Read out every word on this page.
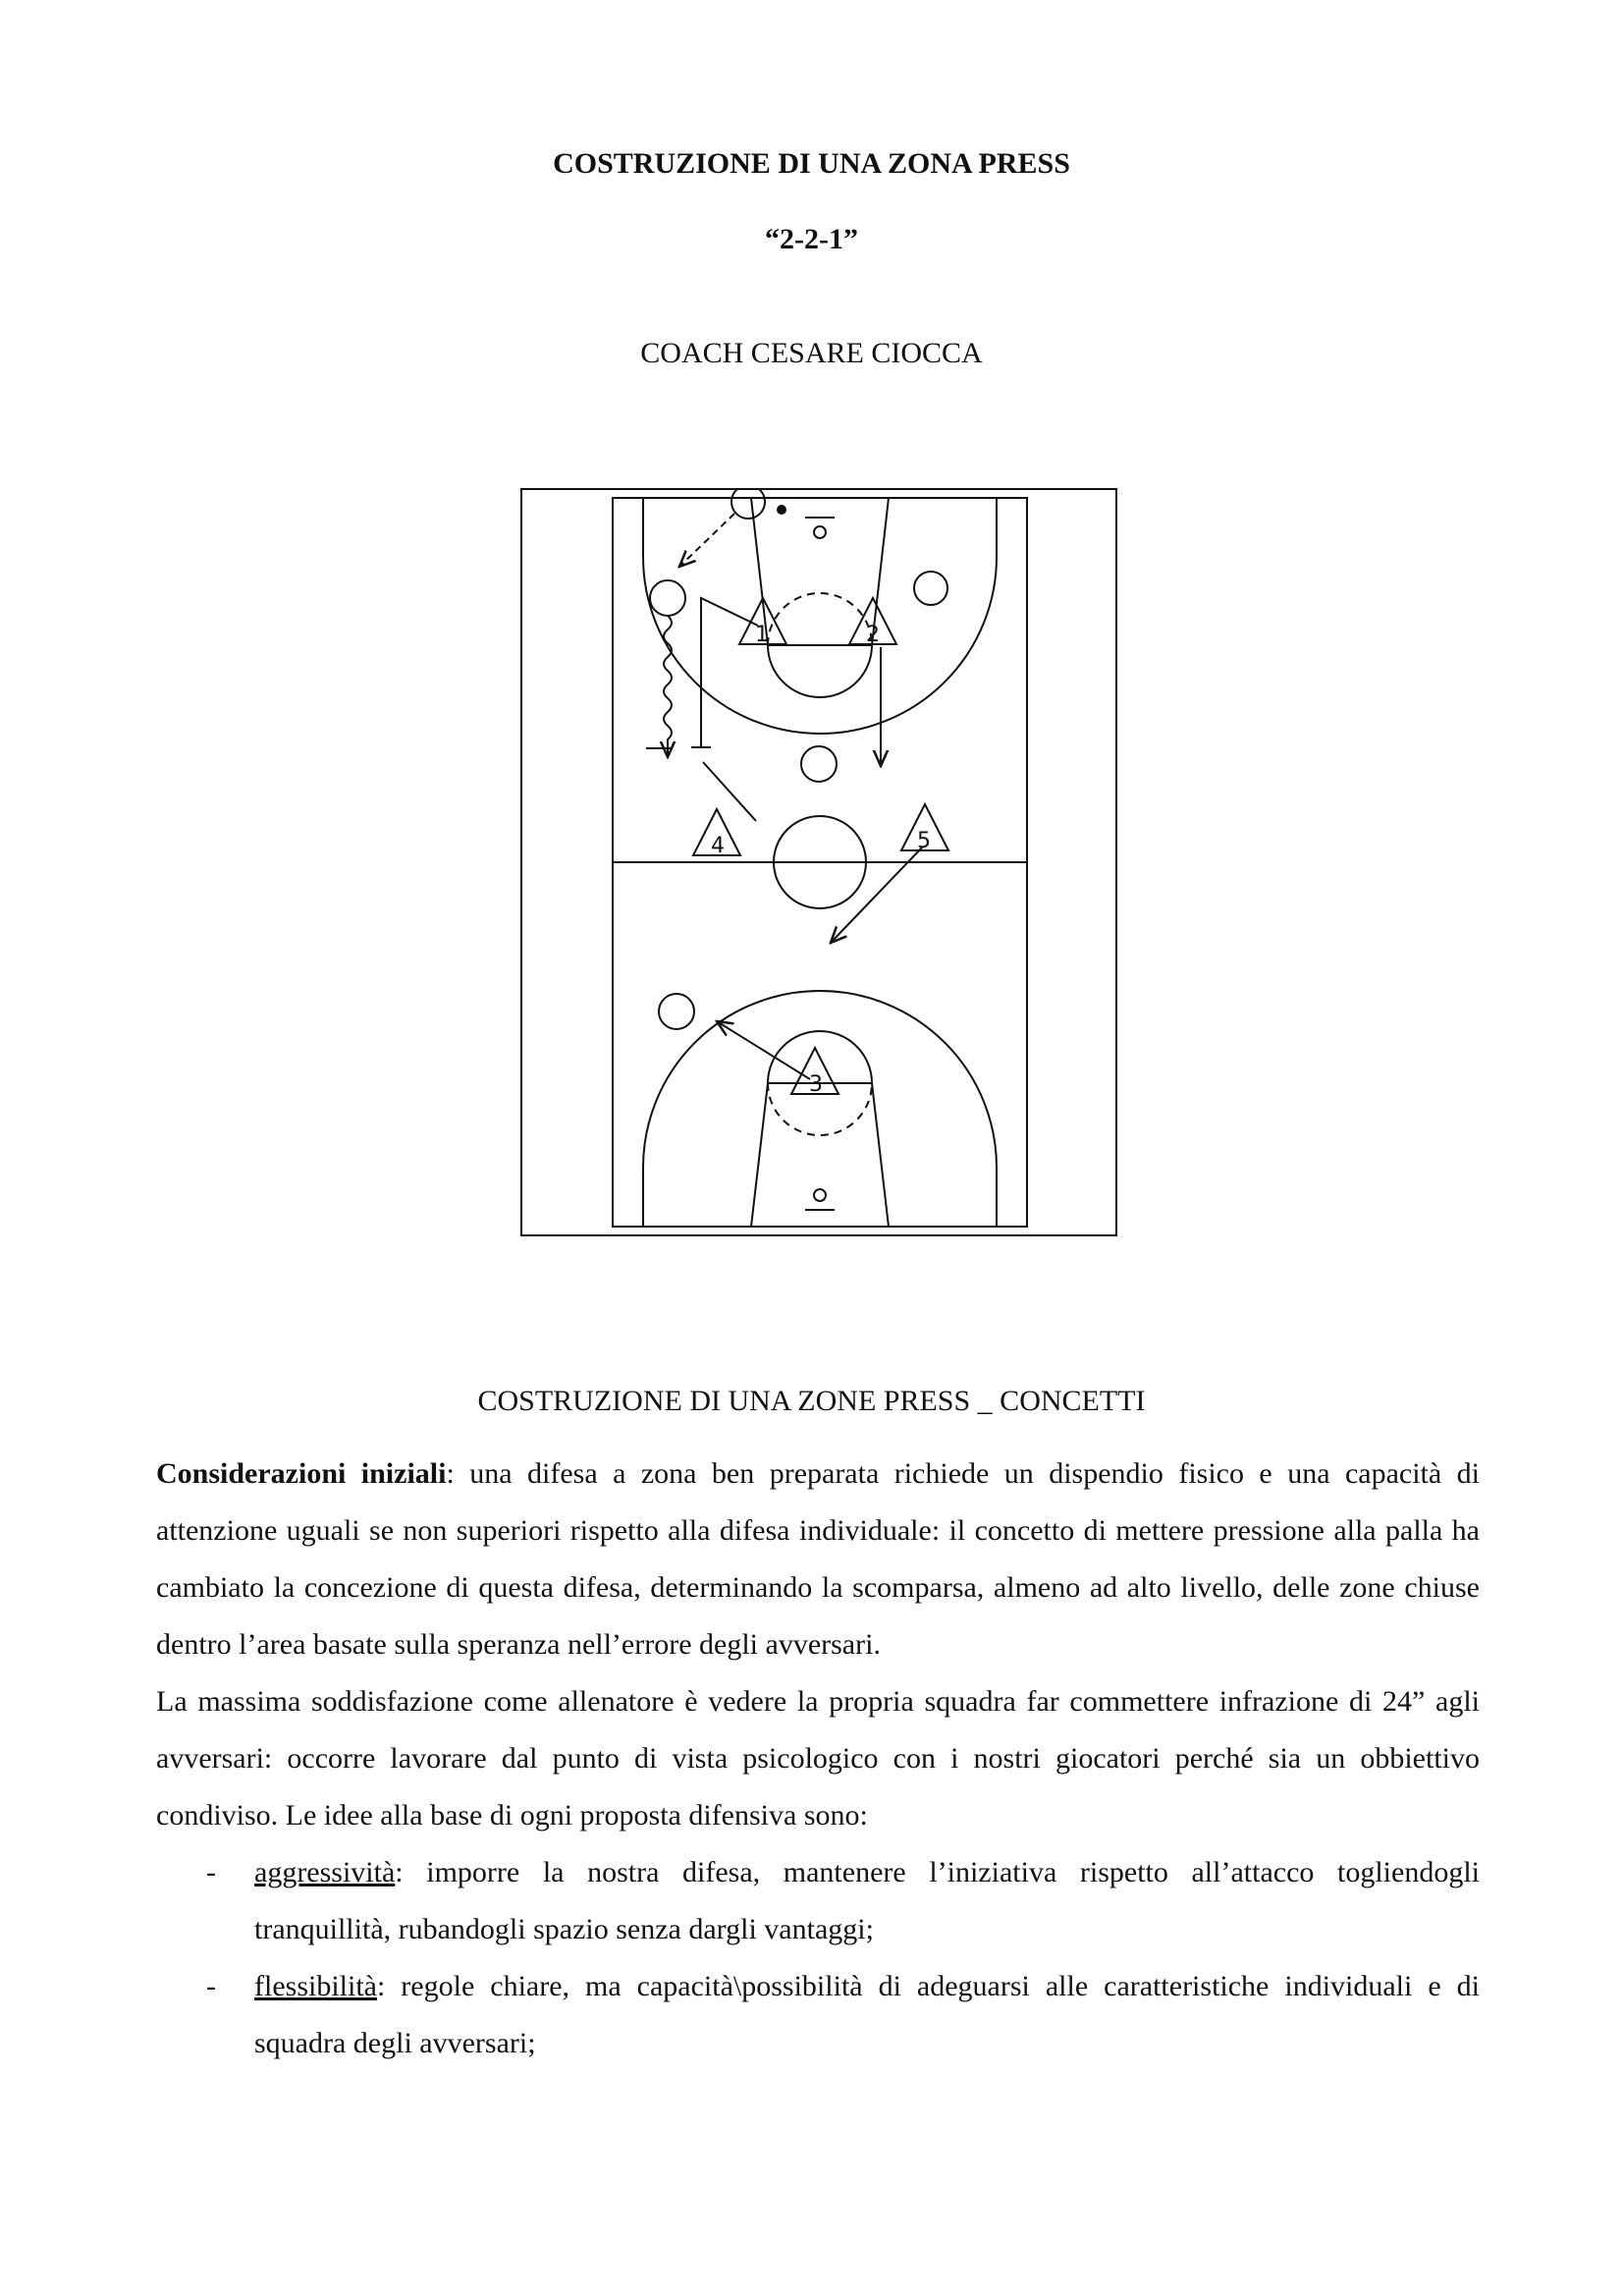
COSTRUZIONE DI UNA ZONA PRESS
“2-2-1”
COACH CESARE CIOCCA
1	2
4	5
3
COSTRUZIONE DI UNA ZONE PRESS _ CONCETTI

Considerazioni iniziali: una difesa a zona ben preparata richiede un dispendio fisico e una capacità di attenzione uguali se non superiori rispetto alla difesa individuale: il concetto di mettere pressione alla palla ha cambiato la concezione di questa difesa, determinando la scomparsa, almeno ad alto livello, delle zone chiuse dentro l’area basate sulla speranza nell’errore degli avversari.

La massima soddisfazione come allenatore è vedere la propria squadra far commettere infrazione di 24” agli avversari: occorre lavorare dal punto di vista psicologico con i nostri giocatori perché sia un obbiettivo condiviso. Le idee alla base di ogni proposta difensiva sono:

- aggressività: imporre la nostra difesa, mantenere l’iniziativa rispetto all’attacco togliendogli tranquillità, rubandogli spazio senza dargli vantaggi;
- flessibilità: regole chiare, ma capacità\possibilità di adeguarsi alle caratteristiche individuali e di squadra degli avversari;
